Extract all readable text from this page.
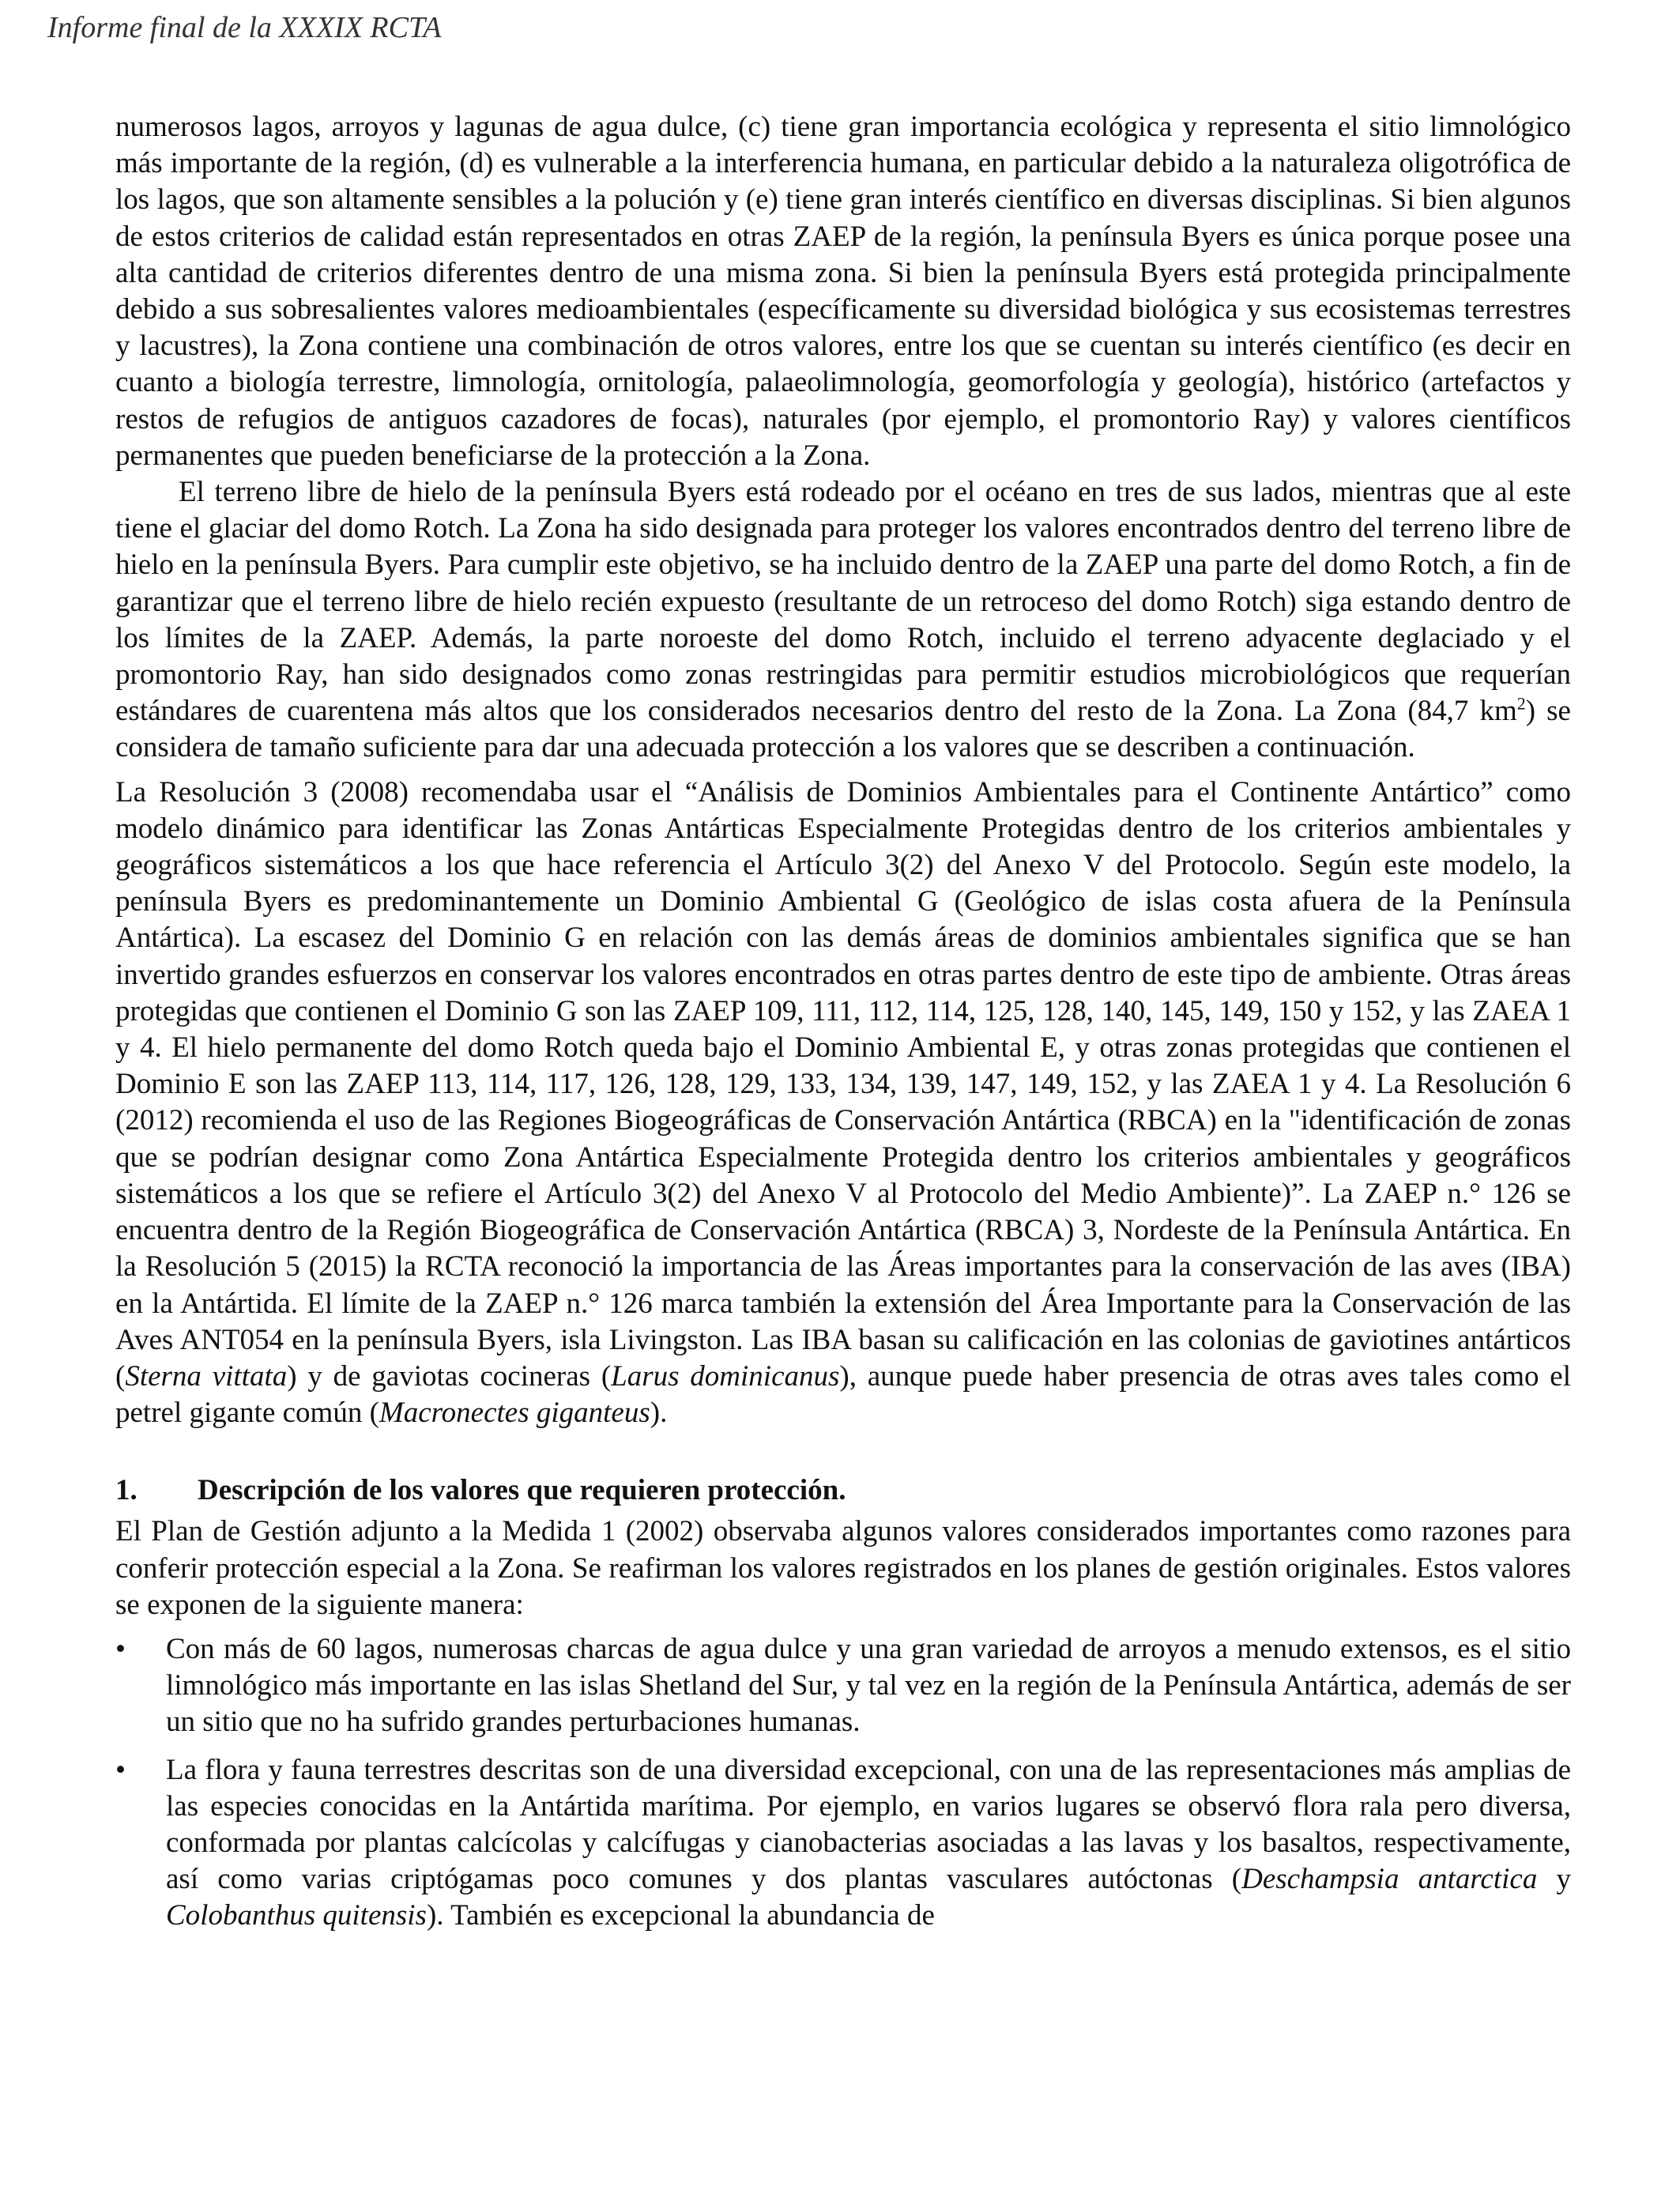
Informe final de la XXXIX RCTA

numerosos lagos, arroyos y lagunas de agua dulce, (c) tiene gran importancia ecológica y representa el sitio limnológico más importante de la región, (d) es vulnerable a la interferencia humana, en particular debido a la naturaleza oligotrófica de los lagos, que son altamente sensibles a la polución y (e) tiene gran interés científico en diversas disciplinas. Si bien algunos de estos criterios de calidad están representados en otras ZAEP de la región, la península Byers es única porque posee una alta cantidad de criterios diferentes dentro de una misma zona. Si bien la península Byers está protegida principalmente debido a sus sobresalientes valores medioambientales (específicamente su diversidad biológica y sus ecosistemas terrestres y lacustres), la Zona contiene una combinación de otros valores, entre los que se cuentan su interés científico (es decir en cuanto a biología terrestre, limnología, ornitología, palaeolimnología, geomorfología y geología), histórico (artefactos y restos de refugios de antiguos cazadores de focas), naturales (por ejemplo, el promontorio Ray) y valores científicos permanentes que pueden beneficiarse de la protección a la Zona.

El terreno libre de hielo de la península Byers está rodeado por el océano en tres de sus lados, mientras que al este tiene el glaciar del domo Rotch. La Zona ha sido designada para proteger los valores encontrados dentro del terreno libre de hielo en la península Byers. Para cumplir este objetivo, se ha incluido dentro de la ZAEP una parte del domo Rotch, a fin de garantizar que el terreno libre de hielo recién expuesto (resultante de un retroceso del domo Rotch) siga estando dentro de los límites de la ZAEP. Además, la parte noroeste del domo Rotch, incluido el terreno adyacente deglaciado y el promontorio Ray, han sido designados como zonas restringidas para permitir estudios microbiológicos que requerían estándares de cuarentena más altos que los considerados necesarios dentro del resto de la Zona. La Zona (84,7 $km^2$) se considera de tamaño suficiente para dar una adecuada protección a los valores que se describen a continuación.

La Resolución 3 (2008) recomendaba usar el “Análisis de Dominios Ambientales para el Continente Antártico” como modelo dinámico para identificar las Zonas Antárticas Especialmente Protegidas dentro de los criterios ambientales y geográficos sistemáticos a los que hace referencia el Artículo 3(2) del Anexo V del Protocolo. Según este modelo, la península Byers es predominantemente un Dominio Ambiental G (Geológico de islas costa afuera de la Península Antártica). La escasez del Dominio G en relación con las demás áreas de dominios ambientales significa que se han invertido grandes esfuerzos en conservar los valores encontrados en otras partes dentro de este tipo de ambiente. Otras áreas protegidas que contienen el Dominio G son las ZAEP 109, 111, 112, 114, 125, 128, 140, 145, 149, 150 y 152, y las ZAEA 1 y 4. El hielo permanente del domo Rotch queda bajo el Dominio Ambiental E, y otras zonas protegidas que contienen el Dominio E son las ZAEP 113, 114, 117, 126, 128, 129, 133, 134, 139, 147, 149, 152, y las ZAEA 1 y 4. La Resolución 6 (2012) recomienda el uso de las Regiones Biogeográficas de Conservación Antártica (RBCA) en la "identificación de zonas que se podrían designar como Zona Antártica Especialmente Protegida dentro los criterios ambientales y geográficos sistemáticos a los que se refiere el Artículo 3(2) del Anexo V al Protocolo del Medio Ambiente)”. La ZAEP n.° 126 se encuentra dentro de la Región Biogeográfica de Conservación Antártica (RBCA) 3, Nordeste de la Península Antártica. En la Resolución 5 (2015) la RCTA reconoció la importancia de las Áreas importantes para la conservación de las aves (IBA) en la Antártida. El límite de la ZAEP n.° 126 marca también la extensión del Área Importante para la Conservación de las Aves ANT054 en la península Byers, isla Livingston. Las IBA basan su calificación en las colonias de gaviotines antárticos (Sterna vittata) y de gaviotas cocineras (Larus dominicanus), aunque puede haber presencia de otras aves tales como el petrel gigante común (Macronectes giganteus).

1. Descripción de los valores que requieren protección.

El Plan de Gestión adjunto a la Medida 1 (2002) observaba algunos valores considerados importantes como razones para conferir protección especial a la Zona. Se reafirman los valores registrados en los planes de gestión originales. Estos valores se exponen de la siguiente manera:

•	Con más de 60 lagos, numerosas charcas de agua dulce y una gran variedad de arroyos a menudo extensos, es el sitio limnológico más importante en las islas Shetland del Sur, y tal vez en la región de la Península Antártica, además de ser un sitio que no ha sufrido grandes perturbaciones humanas.
•	La flora y fauna terrestres descritas son de una diversidad excepcional, con una de las representaciones más amplias de las especies conocidas en la Antártida marítima. Por ejemplo, en varios lugares se observó flora rala pero diversa, conformada por plantas calcícolas y calcífugas y cianobacterias asociadas a las lavas y los basaltos, respectivamente, así como varias criptógamas poco comunes y dos plantas vasculares autóctonas (Deschampsia antarctica y Colobanthus quitensis). También es excepcional la abundancia de
